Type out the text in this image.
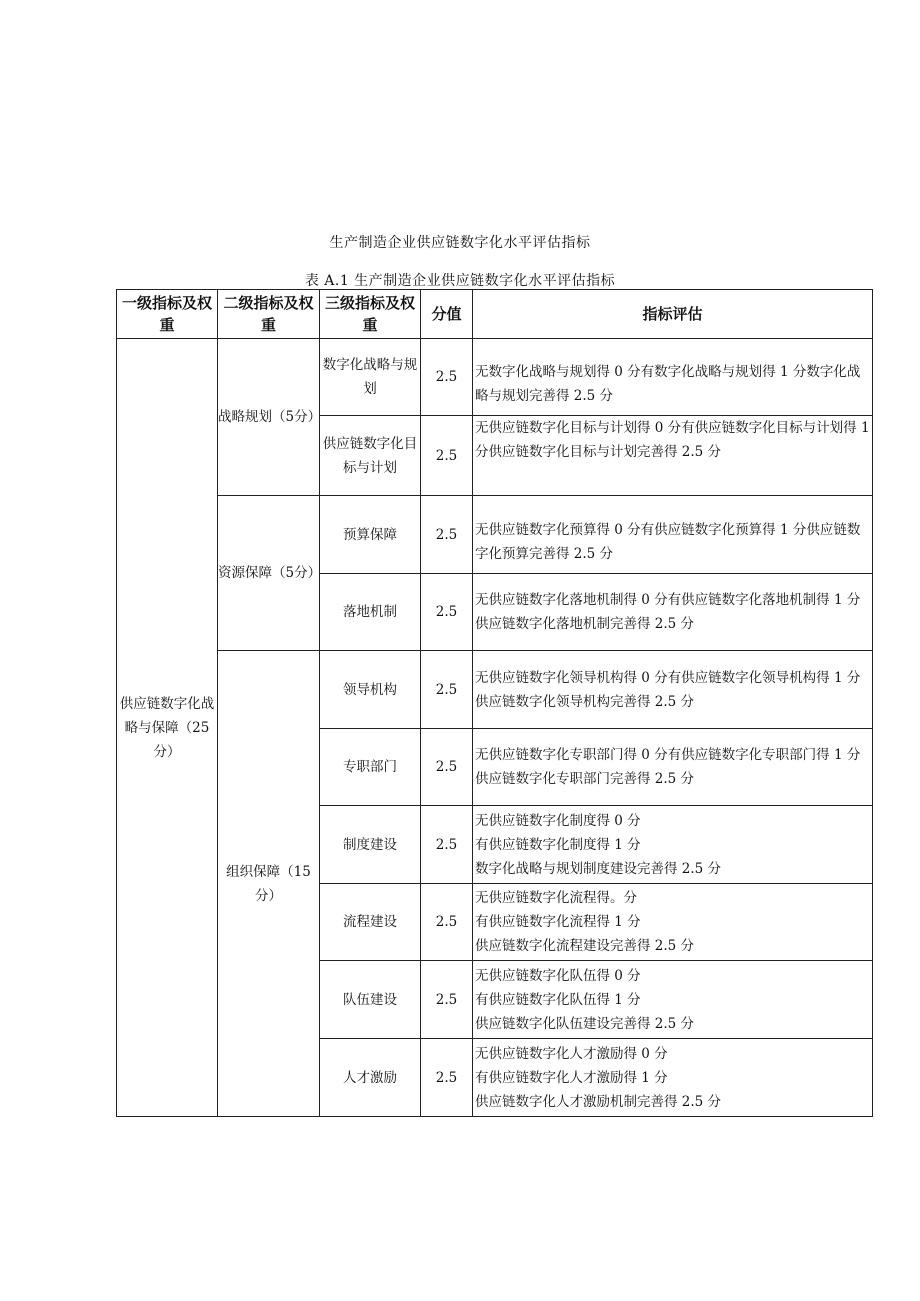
生产制造企业供应链数字化水平评估指标
表 A.1 生产制造企业供应链数字化水平评估指标
一级指标及权重	二级指标及权重	三级指标及权重	分值	指标评估
供应链数字化战略与保障（25分）	战略规划（5分）	数字化战略与规划	2.5	无数字化战略与规划得 0 分有数字化战略与规划得 1 分数字化战略与规划完善得 2.5 分

		供应链数字化目标与计划	2.5	无供应链数字化目标与计划得 0 分有供应链数字化目标与计划得 1 分供应链数字化目标与计划完善得 2.5 分

	资源保障（5分）	预算保障	2.5	无供应链数字化预算得 0 分有供应链数字化预算得 1 分供应链数字化预算完善得 2.5 分

		落地机制	2.5	无供应链数字化落地机制得 0 分有供应链数字化落地机制得 1 分
供应链数字化落地机制完善得 2.5 分

	组织保障（15分）	领导机构	2.5	无供应链数字化领导机构得 0 分有供应链数字化领导机构得 1 分
供应链数字化领导机构完善得 2.5 分

		专职部门	2.5	无供应链数字化专职部门得 0 分有供应链数字化专职部门得 1 分
供应链数字化专职部门完善得 2.5 分

		制度建设	2.5	无供应链数字化制度得 0 分
有供应链数字化制度得 1 分
数字化战略与规划制度建设完善得 2.5 分

		流程建设	2.5	无供应链数字化流程得。分
有供应链数字化流程得 1 分
供应链数字化流程建设完善得 2.5 分

		队伍建设	2.5	无供应链数字化队伍得 0 分
有供应链数字化队伍得 1 分
供应链数字化队伍建设完善得 2.5 分

		人才激励	2.5	无供应链数字化人才激励得 0 分
有供应链数字化人才激励得 1 分
供应链数字化人才激励机制完善得 2.5 分
